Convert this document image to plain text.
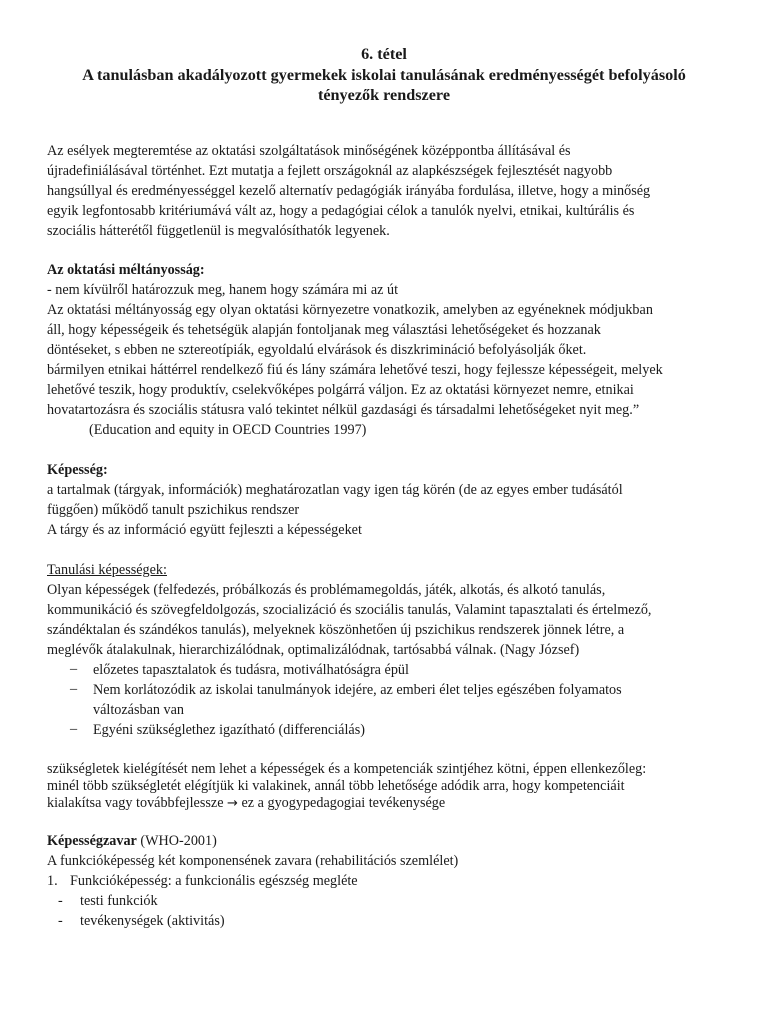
6. tétel
A tanulásban akadályozott gyermekek iskolai tanulásának eredményességét befolyásoló
tényezők rendszere
Az esélyek megteremtése az oktatási szolgáltatások minőségének középpontba állításával és
újradefiniálásával történhet. Ezt mutatja a fejlett országoknál az alapkészségek fejlesztését nagyobb
hangsúllyal és eredményességgel kezelő alternatív pedagógiák irányába fordulása, illetve, hogy a minőség
egyik legfontosabb kritériumává vált az, hogy a pedagógiai célok a tanulók nyelvi, etnikai, kultúrális és
szociális hátterétől függetlenül is megvalósíthatók legyenek.
Az oktatási méltányosság:
- nem kívülről határozzuk meg, hanem hogy számára mi az út
Az oktatási méltányosság egy olyan oktatási környezetre vonatkozik, amelyben az egyéneknek módjukban
áll, hogy képességeik és tehetségük alapján fontoljanak meg választási lehetőségeket és hozzanak
döntéseket, s ebben ne sztereotípiák, egyoldalú elvárások és diszkrimináció befolyásolják őket.
bármilyen etnikai háttérrel rendelkező fiú és lány számára lehetővé teszi, hogy fejlessze képességeit, melyek
lehetővé teszik, hogy produktív, cselekvőképes polgárrá váljon. Ez az oktatási környezet nemre, etnikai
hovatartozásra és szociális státusra való tekintet nélkül gazdasági és társadalmi lehetőségeket nyit meg.”
(Education and equity in OECD Countries 1997)
Képesség:
a tartalmak (tárgyak, információk) meghatározatlan vagy igen tág körén (de az egyes ember tudásától
függően) működő tanult pszichikus rendszer
A tárgy és az információ együtt fejleszti a képességeket
Tanulási képességek:
Olyan képességek (felfedezés, próbálkozás és problémamegoldás, játék, alkotás, és alkotó tanulás,
kommunikáció és szövegfeldolgozás, szocializáció és szociális tanulás, Valamint tapasztalati és értelmező,
szándéktalan és szándékos tanulás), melyeknek köszönhetően új pszichikus rendszerek jönnek létre, a
meglévők átalakulnak, hierarchizálódnak, optimalizálódnak, tartósabbá válnak. (Nagy József)
– előzetes tapasztalatok és tudásra, motiválhatóságra épül
– Nem korlátozódik az iskolai tanulmányok idejére, az emberi élet teljes egészében folyamatos
változásban van
– Egyéni szükséglethez igazítható (differenciálás)
szükségletek kielégítését nem lehet a képességek és a kompetenciák szintjéhez kötni, éppen ellenkezőleg:
minél több szükségletét elégítjük ki valakinek, annál több lehetősége adódik arra, hogy kompetenciáit
kialakítsa vagy továbbfejlessze → ez a gyogypedagogiai tevékenysége
Képességzavar (WHO-2001)
A funkcióképesség két komponensének zavara (rehabilitációs szemlélet)
1. Funkcióképesség: a funkcionális egészség megléte
- testi funkciók
- tevékenységek (aktivitás)
